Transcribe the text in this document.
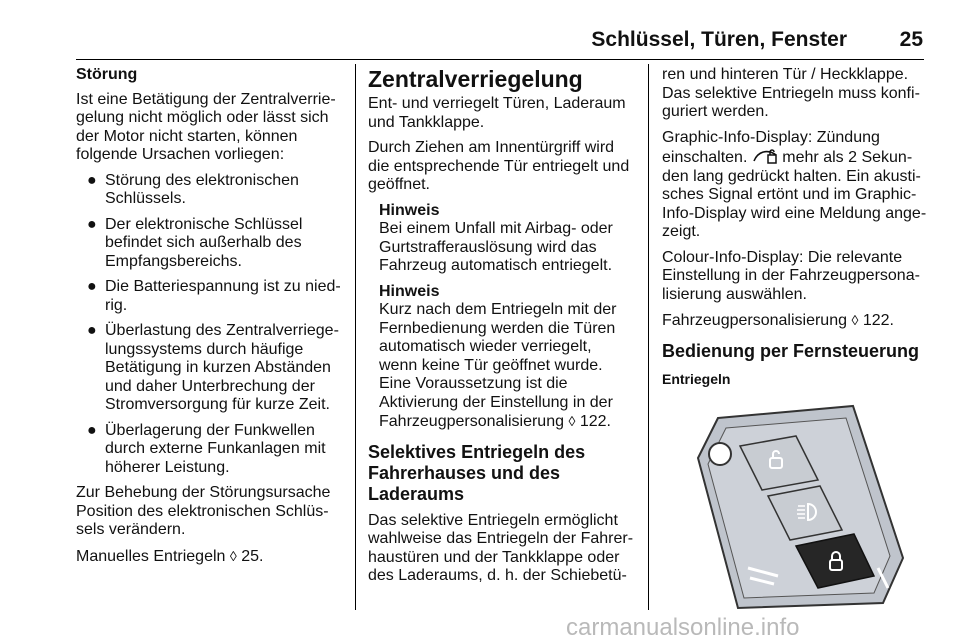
Schlüssel, Türen, Fenster	25
Störung

Ist eine Betätigung der Zentralverriegelung nicht möglich oder lässt sich der Motor nicht starten, können folgende Ursachen vorliegen:

● Störung des elektronischen Schlüssels.
● Der elektronische Schlüssel befindet sich außerhalb des Empfangsbereichs.
● Die Batteriespannung ist zu niedrig.
● Überlastung des Zentralverriegelungssystems durch häufige Betätigung in kurzen Abständen und daher Unterbrechung der Stromversorgung für kurze Zeit.
● Überlagerung der Funkwellen durch externe Funkanlagen mit höherer Leistung.

Zur Behebung der Störungsursache Position des elektronischen Schlüssels verändern.

Manuelles Entriegeln ◊ 25.

Zentralverriegelung

Ent- und verriegelt Türen, Laderaum und Tankklappe.

Durch Ziehen am Innentürgriff wird die entsprechende Tür entriegelt und geöffnet.

Hinweis
Bei einem Unfall mit Airbag- oder Gurtstrafferauslösung wird das Fahrzeug automatisch entriegelt.
Hinweis
Kurz nach dem Entriegeln mit der Fernbedienung werden die Türen automatisch wieder verriegelt, wenn keine Tür geöffnet wurde. Eine Voraussetzung ist die Aktivierung der Einstellung in der Fahrzeugpersonalisierung ◊ 122.
Selektives Entriegeln des Fahrerhauses und des Laderaums

Das selektive Entriegeln ermöglicht wahlweise das Entriegeln der Fahrerhaustüren und der Tankklappe oder des Laderaums, d. h. der Schiebetü-

ren und hinteren Tür / Heckklappe. Das selektive Entriegeln muss konfiguriert werden.

Graphic-Info-Display: Zündung einschalten. mehr als 2 Sekunden lang gedrückt halten. Ein akustisches Signal ertönt und im Graphic-Info-Display wird eine Meldung angezeigt.

Colour-Info-Display: Die relevante Einstellung in der Fahrzeugpersonalisierung auswählen.

Fahrzeugpersonalisierung ◊ 122.

Bedienung per Fernsteuerung
Entriegeln
carmanualsonline.info
